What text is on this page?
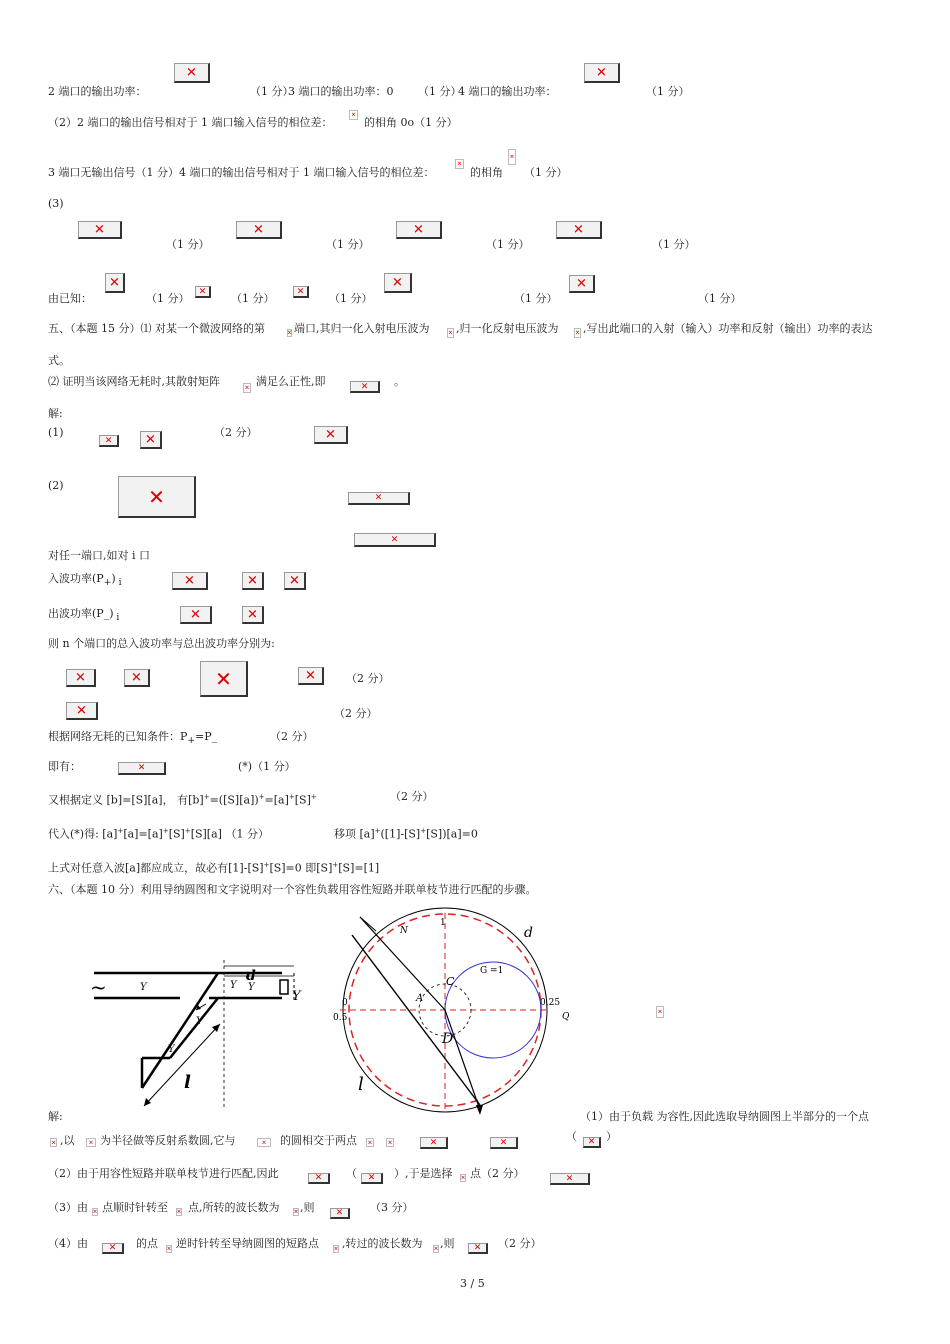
✕
2 端口的输出功率：	（1 分）
3 端口的输出功率：0 （1 分）
4 端口的输出功率：
✕	（1 分）
（2）2 端口的输出信号相对于 1 端口输入信号的相位差：
✕	的相角 0o（1 分）
✕
3 端口无输出信号（1 分）4 端口的输出信号相对于 1 端口输入信号的相位差：
✕	的相角 （1 分）
(3)
✕
✕
✕
✕
（1 分）	（1 分）	（1 分）	（1 分）
✕
✕
✕
由已知：	（1 分） ✕	（1 分） ✕	（1 分）	（1 分）	（1 分）
五、（本题 15 分）⑴ 对某一个微波网络的第 ✕	端口,其归一化入射电压波为 ✕ ,归一化反射电压波为 ✕ ,写出此端口的入射（输入）功率和反射（输出）功率的表达
式。
⑵ 证明当该网络无耗时,其散射矩阵 ✕	满足么正性,即 ✕	。
解:
(1)
✕ ✕	（2 分）
✕
(2)
✕
✕
✕
对任一端口,如对 i 口
入波功率$(P_+)$ $_i$
✕
✕
✕
出波功率(P_) $_i$
✕
✕
则 n 个端口的总入波功率与总出波功率分别为:
✕
✕
✕
✕
（2 分）
✕
（2 分）
根据网络无耗的已知条件：$P_+=P\_$	（2 分）
即有： ✕	(*)（1 分）
又根据定义 [b]=[S][a]， 有[b]+=([S][a])+=[a]+[S]+	（2 分）
代入(*)得: [a]+[a]=[a]+[S]+[S][a] （1 分）	移项 [a]+([1]-[S]+[S])[a]=0
上式对任意入波[a]都应成立，故必有[1]-[S]+[S]=0 即[S]+[S]=[1]
六、（本题 10 分）利用导纳圆图和文字说明对一个容性负载用容性短路并联单枝节进行匹配的步骤。
d
~	Y	Y
Y
Y
Y
Y
l
N
1
d
G =1
C
A
0
0.5
0.25
Q
D
l
✕
解:	（1）由于负载 为容性,因此选取导纳圆图上半部分的一个点
✕
,以 ✕ 为半径做等反射系数圆,它与 ✕	的圆相交于两点 ✕ ✕ ✕ ✕	（ ✕	）
（2）由于用容性短路并联单枝节进行匹配,因此 ✕	（ ✕	）,于是选择 ✕ 点（2 分）
✕
（3）由 ✕ 点顺时针转至 ✕ 点,所转的波长数为 ✕ ,则 ✕	（3 分）
（4）由 ✕	的点 ✕ 逆时针转至导纳圆图的短路点 ✕ ,转过的波长数为 ✕ ,则 ✕	（2 分）
3 / 5
